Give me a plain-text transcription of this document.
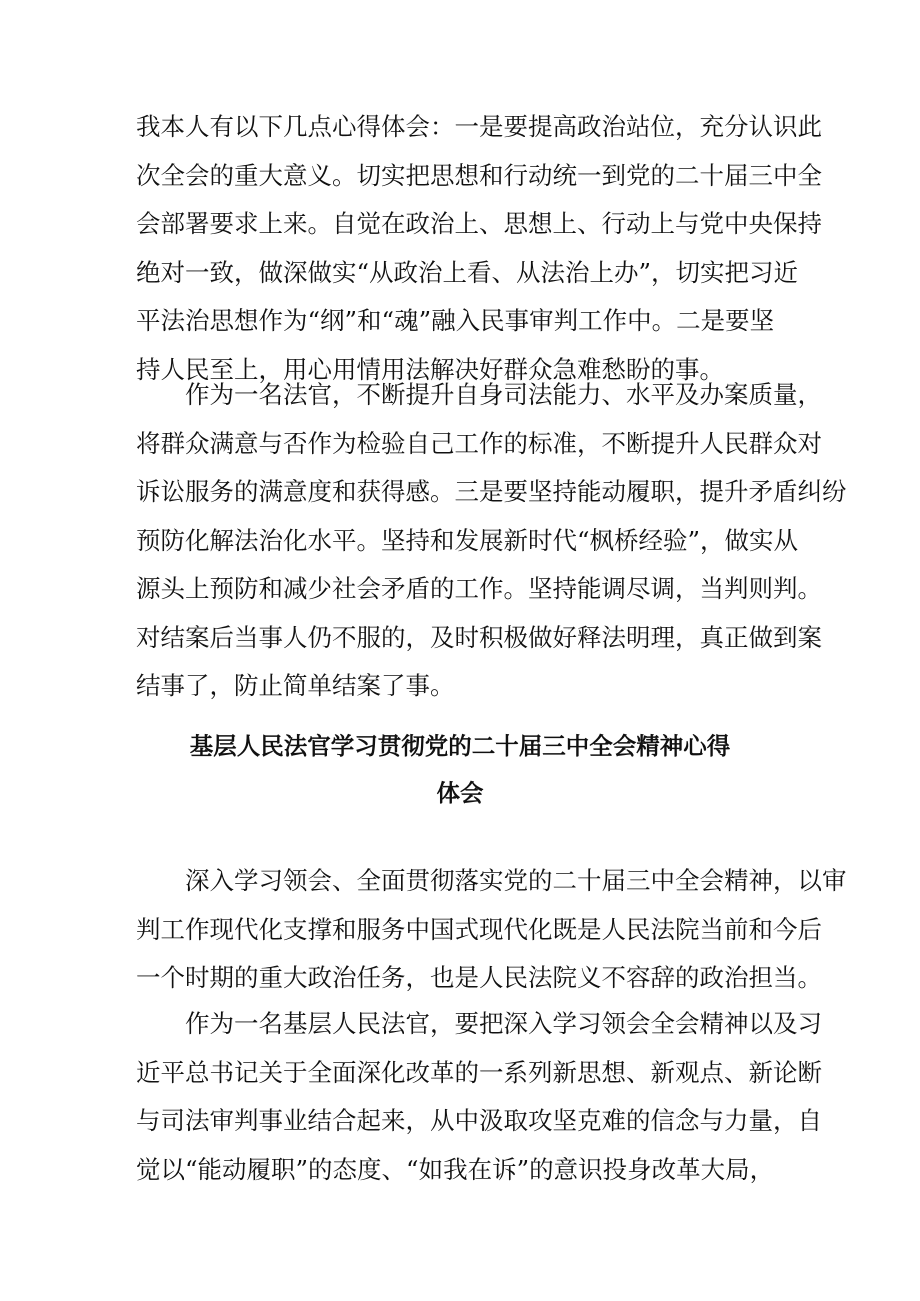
我本人有以下几点心得体会：一是要提高政治站位，充分认识此
次全会的重大意义。切实把思想和行动统一到党的二十届三中全
会部署要求上来。自觉在政治上、思想上、行动上与党中央保持
绝对一致，做深做实“从政治上看、从法治上办”，切实把习近
平法治思想作为“纲”和“魂”融入民事审判工作中。二是要坚
持人民至上，用心用情用法解决好群众急难愁盼的事。
　　作为一名法官，不断提升自身司法能力、水平及办案质量，
将群众满意与否作为检验自己工作的标准，不断提升人民群众对
诉讼服务的满意度和获得感。三是要坚持能动履职，提升矛盾纠纷
预防化解法治化水平。坚持和发展新时代“枫桥经验”，做实从
源头上预防和减少社会矛盾的工作。坚持能调尽调，当判则判。
对结案后当事人仍不服的，及时积极做好释法明理，真正做到案
结事了，防止简单结案了事。
基层人民法官学习贯彻党的二十届三中全会精神心得
体会
　　深入学习领会、全面贯彻落实党的二十届三中全会精神，以审
判工作现代化支撑和服务中国式现代化既是人民法院当前和今后
一个时期的重大政治任务，也是人民法院义不容辞的政治担当。
　　作为一名基层人民法官，要把深入学习领会全会精神以及习
近平总书记关于全面深化改革的一系列新思想、新观点、新论断
与司法审判事业结合起来，从中汲取攻坚克难的信念与力量，自
觉以“能动履职”的态度、“如我在诉”的意识投身改革大局，
